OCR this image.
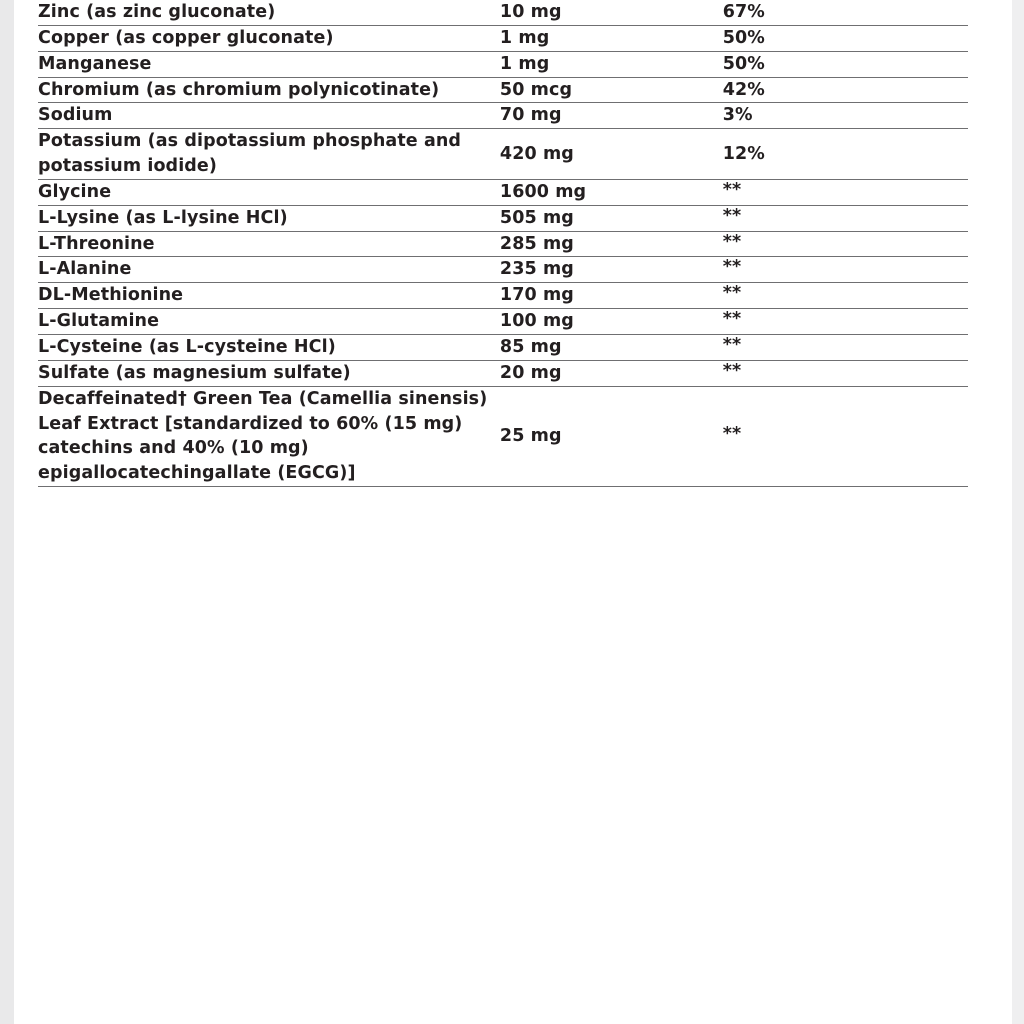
Zinc (as zinc gluconate)	10 mg	67%
Copper (as copper gluconate)	1 mg	50%
Manganese	1 mg	50%
Chromium (as chromium polynicotinate)	50 mcg	42%
Sodium	70 mg	3%
Potassium (as dipotassium phosphate and potassium iodide)	420 mg	12%
Glycine	1600 mg	**
L-Lysine (as L-lysine HCl)	505 mg	**
L-Threonine	285 mg	**
L-Alanine	235 mg	**
DL-Methionine	170 mg	**
L-Glutamine	100 mg	**
L-Cysteine (as L-cysteine HCl)	85 mg	**
Sulfate (as magnesium sulfate)	20 mg	**
Decaffeinated† Green Tea (Camellia sinensis) Leaf Extract [standardized to 60% (15 mg) catechins and 40% (10 mg) epigallocatechingallate (EGCG)]	25 mg	**
